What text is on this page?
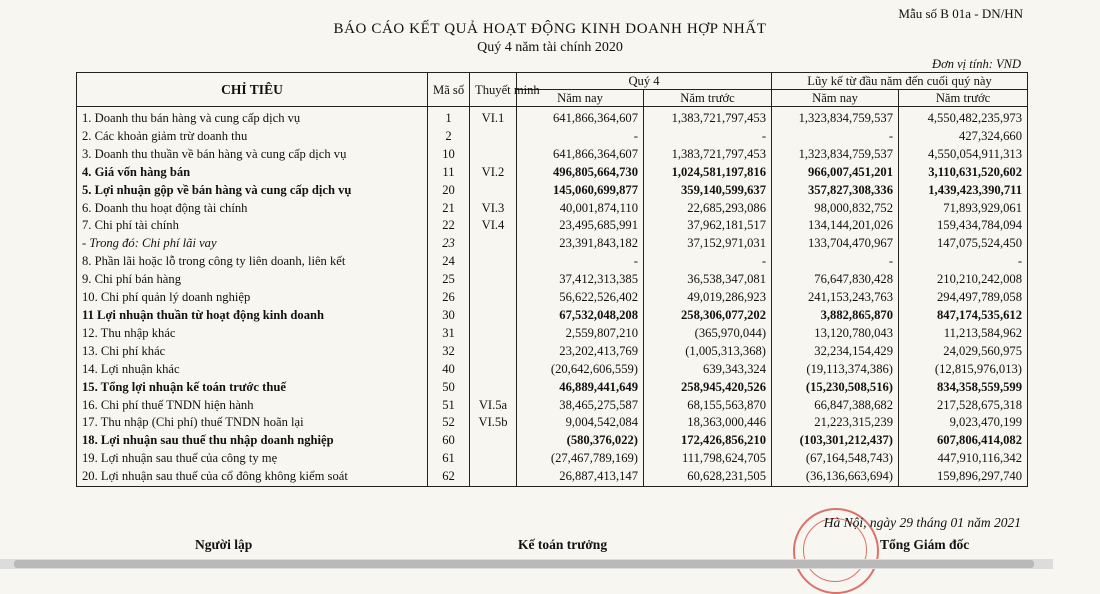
Mẫu số B 01a - DN/HN
BÁO CÁO KẾT QUẢ HOẠT ĐỘNG KINH DOANH HỢP NHẤT
Quý 4 năm tài chính 2020
Đơn vị tính: VND
CHỈ TIÊU	Mã số	Thuyết minh	Quý 4		Lũy kế từ đầu năm đến cuối quý này	
			Năm nay	Năm trước	Năm nay	Năm trước
1. Doanh thu bán hàng và cung cấp dịch vụ	1	VI.1	641,866,364,607	1,383,721,797,453	1,323,834,759,537	4,550,482,235,973
2. Các khoản giảm trừ doanh thu	2		-	-	-	427,324,660
3. Doanh thu thuần về bán hàng và cung cấp dịch vụ	10		641,866,364,607	1,383,721,797,453	1,323,834,759,537	4,550,054,911,313
4. Giá vốn hàng bán	11	VI.2	496,805,664,730	1,024,581,197,816	966,007,451,201	3,110,631,520,602
5. Lợi nhuận gộp về bán hàng và cung cấp dịch vụ	20		145,060,699,877	359,140,599,637	357,827,308,336	1,439,423,390,711
6. Doanh thu hoạt động tài chính	21	VI.3	40,001,874,110	22,685,293,086	98,000,832,752	71,893,929,061
7. Chi phí tài chính	22	VI.4	23,495,685,991	37,962,181,517	134,144,201,026	159,434,784,094
- Trong đó: Chi phí lãi vay	23		23,391,843,182	37,152,971,031	133,704,470,967	147,075,524,450
8. Phần lãi hoặc lỗ trong công ty liên doanh, liên kết	24		-	-	-	-
9. Chi phí bán hàng	25		37,412,313,385	36,538,347,081	76,647,830,428	210,210,242,008
10. Chi phí quản lý doanh nghiệp	26		56,622,526,402	49,019,286,923	241,153,243,763	294,497,789,058
11 Lợi nhuận thuần từ hoạt động kinh doanh	30		67,532,048,208	258,306,077,202	3,882,865,870	847,174,535,612
12. Thu nhập khác	31		2,559,807,210	(365,970,044)	13,120,780,043	11,213,584,962
13. Chi phí khác	32		23,202,413,769	(1,005,313,368)	32,234,154,429	24,029,560,975
14. Lợi nhuận khác	40		(20,642,606,559)	639,343,324	(19,113,374,386)	(12,815,976,013)
15. Tổng lợi nhuận kế toán trước thuế	50		46,889,441,649	258,945,420,526	(15,230,508,516)	834,358,559,599
16. Chi phí thuế TNDN hiện hành	51	VI.5a	38,465,275,587	68,155,563,870	66,847,388,682	217,528,675,318
17. Thu nhập (Chi phí) thuế TNDN hoãn lại	52	VI.5b	9,004,542,084	18,363,000,446	21,223,315,239	9,023,470,199
18. Lợi nhuận sau thuế thu nhập doanh nghiệp	60		(580,376,022)	172,426,856,210	(103,301,212,437)	607,806,414,082
19. Lợi nhuận sau thuế của công ty mẹ	61		(27,467,789,169)	111,798,624,705	(67,164,548,743)	447,910,116,342
20. Lợi nhuận sau thuế của cổ đông không kiểm soát	62		26,887,413,147	60,628,231,505	(36,136,663,694)	159,896,297,740
Hà Nội, ngày 29 tháng 01 năm 2021
Người lập	Kế toán trưởng	Tổng Giám đốc
